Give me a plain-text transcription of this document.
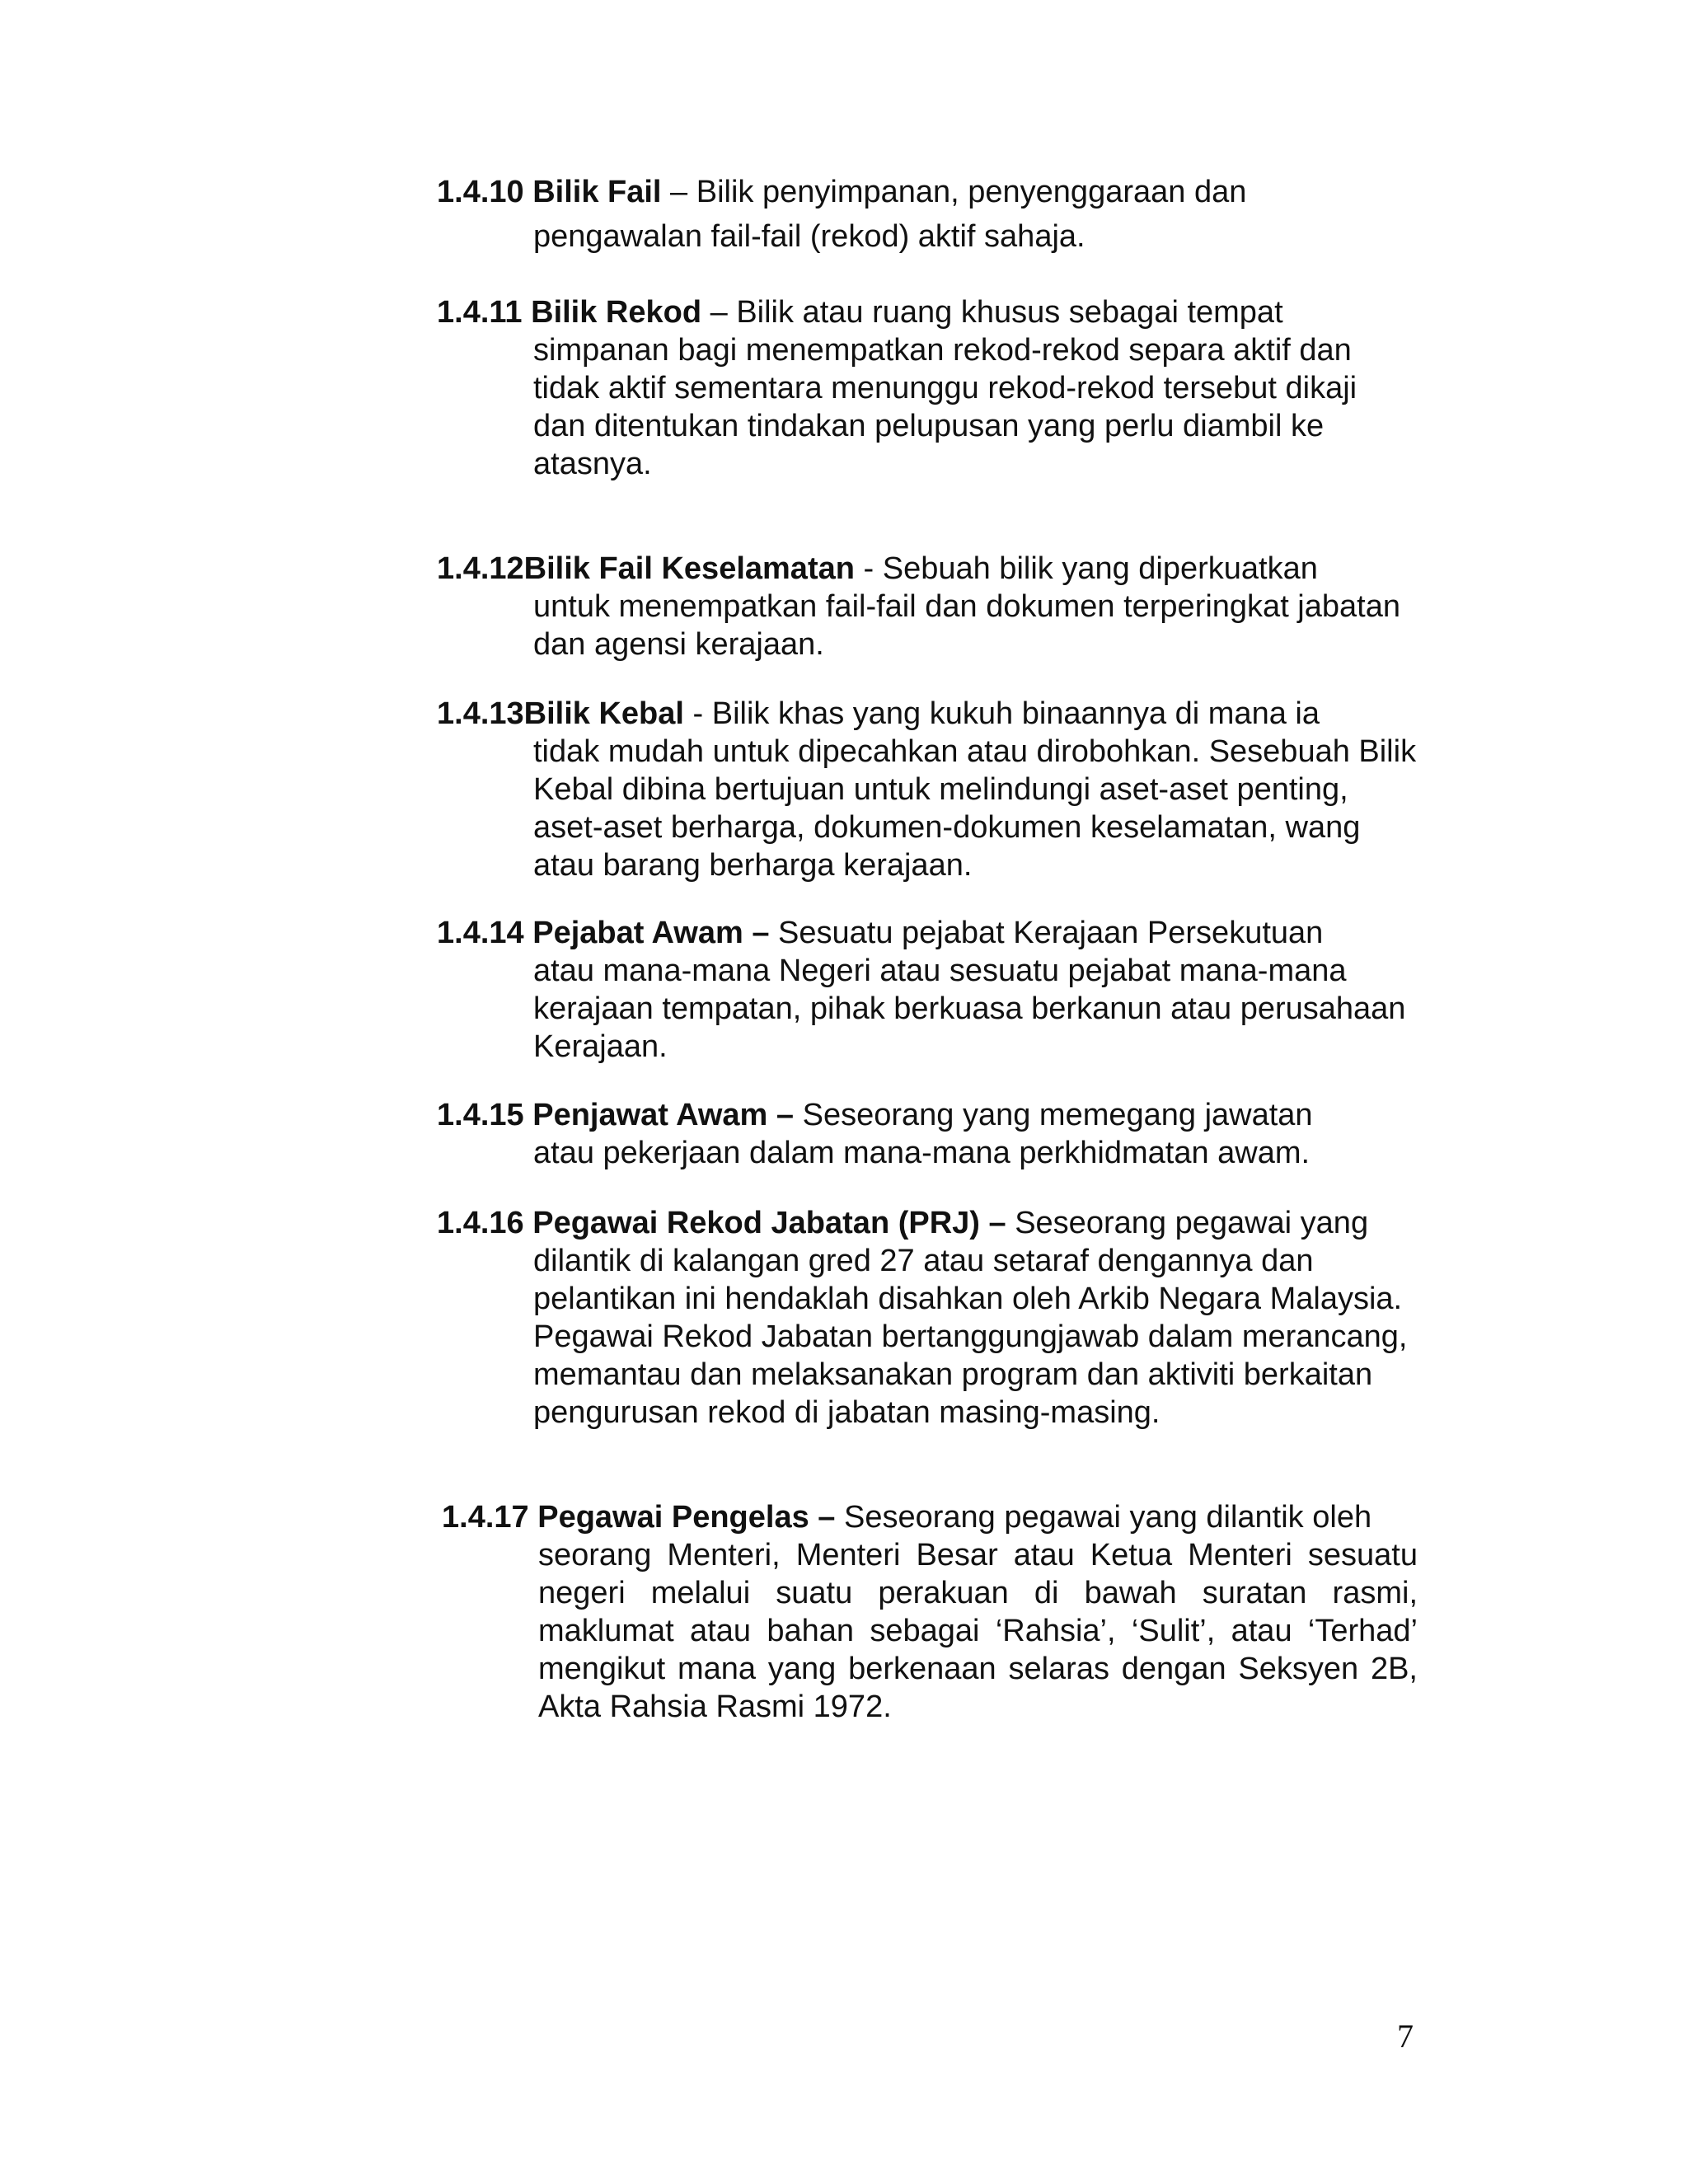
1.4.10 Bilik Fail – Bilik penyimpanan, penyenggaraan dan
pengawalan fail-fail (rekod) aktif sahaja.
1.4.11 Bilik Rekod – Bilik atau ruang khusus sebagai tempat
simpanan bagi menempatkan rekod-rekod separa aktif dan tidak aktif sementara menunggu rekod-rekod tersebut dikaji dan ditentukan tindakan pelupusan yang perlu diambil ke atasnya.
1.4.12Bilik Fail Keselamatan - Sebuah bilik yang diperkuatkan
untuk menempatkan fail-fail dan dokumen terperingkat jabatan dan agensi kerajaan.
1.4.13Bilik Kebal - Bilik khas yang kukuh binaannya di mana ia
tidak mudah untuk dipecahkan atau dirobohkan. Sesebuah Bilik Kebal dibina bertujuan untuk melindungi aset-aset penting, aset-aset berharga, dokumen-dokumen keselamatan, wang atau barang berharga kerajaan.
1.4.14 Pejabat Awam – Sesuatu pejabat Kerajaan Persekutuan
atau mana-mana Negeri atau sesuatu pejabat mana-mana kerajaan tempatan, pihak berkuasa berkanun atau perusahaan Kerajaan.
1.4.15 Penjawat Awam – Seseorang yang memegang jawatan
atau pekerjaan dalam mana-mana perkhidmatan awam.
1.4.16 Pegawai Rekod Jabatan (PRJ) – Seseorang pegawai yang
dilantik di kalangan gred 27 atau setaraf dengannya dan pelantikan ini hendaklah disahkan oleh Arkib Negara Malaysia. Pegawai Rekod Jabatan bertanggungjawab dalam merancang, memantau dan melaksanakan program dan aktiviti berkaitan pengurusan rekod di jabatan masing-masing.
1.4.17 Pegawai Pengelas – Seseorang pegawai yang dilantik oleh
seorang Menteri, Menteri Besar atau Ketua Menteri sesuatu negeri melalui suatu perakuan di bawah suratan rasmi, maklumat atau bahan sebagai ‘Rahsia’, ‘Sulit’, atau ‘Terhad’ mengikut mana yang berkenaan selaras dengan Seksyen 2B, Akta Rahsia Rasmi 1972.
7
